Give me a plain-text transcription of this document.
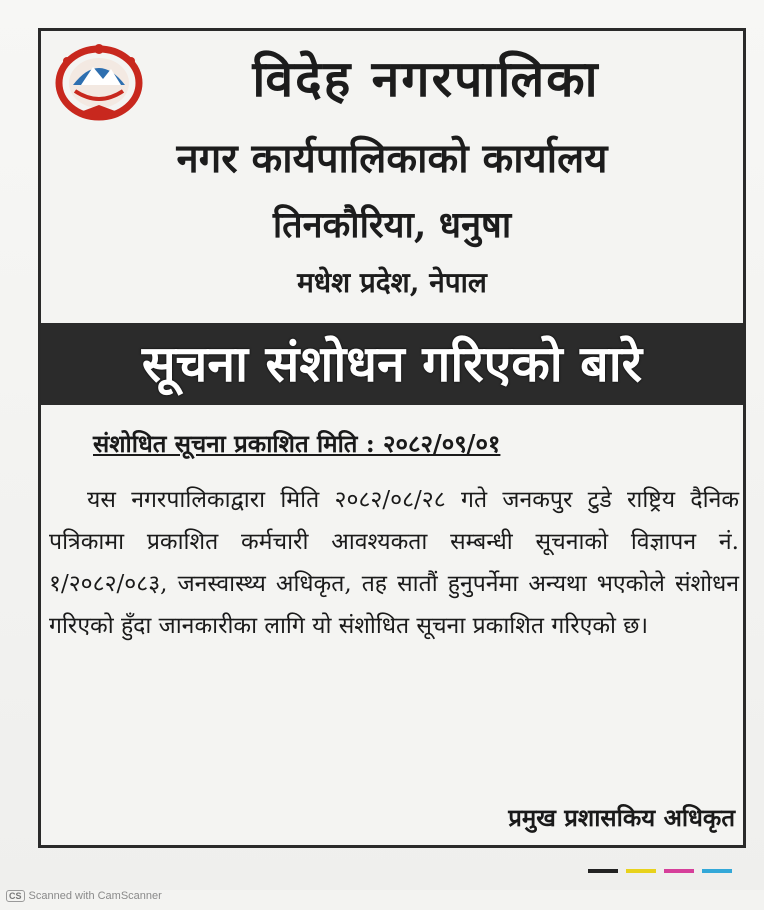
विदेह नगरपालिका
नगर कार्यपालिकाको कार्यालय
तिनकौरिया, धनुषा
मधेश प्रदेश, नेपाल
सूचना संशोधन गरिएको बारे
संशोधित सूचना प्रकाशित मिति : २०८२/०९/०१
यस नगरपालिकाद्वारा मिति २०८२/०८/२८ गते जनकपुर टुडे राष्ट्रिय दैनिक पत्रिकामा प्रकाशित कर्मचारी आवश्यकता सम्बन्धी सूचनाको विज्ञापन नं. १/२०८२/०८३, जनस्वास्थ्य अधिकृत, तह सातौं हुनुपर्नेमा अन्यथा भएकोले संशोधन गरिएको हुँदा जानकारीका लागि यो संशोधित सूचना प्रकाशित गरिएको छ।
प्रमुख प्रशासकिय अधिकृत
CS Scanned with CamScanner
